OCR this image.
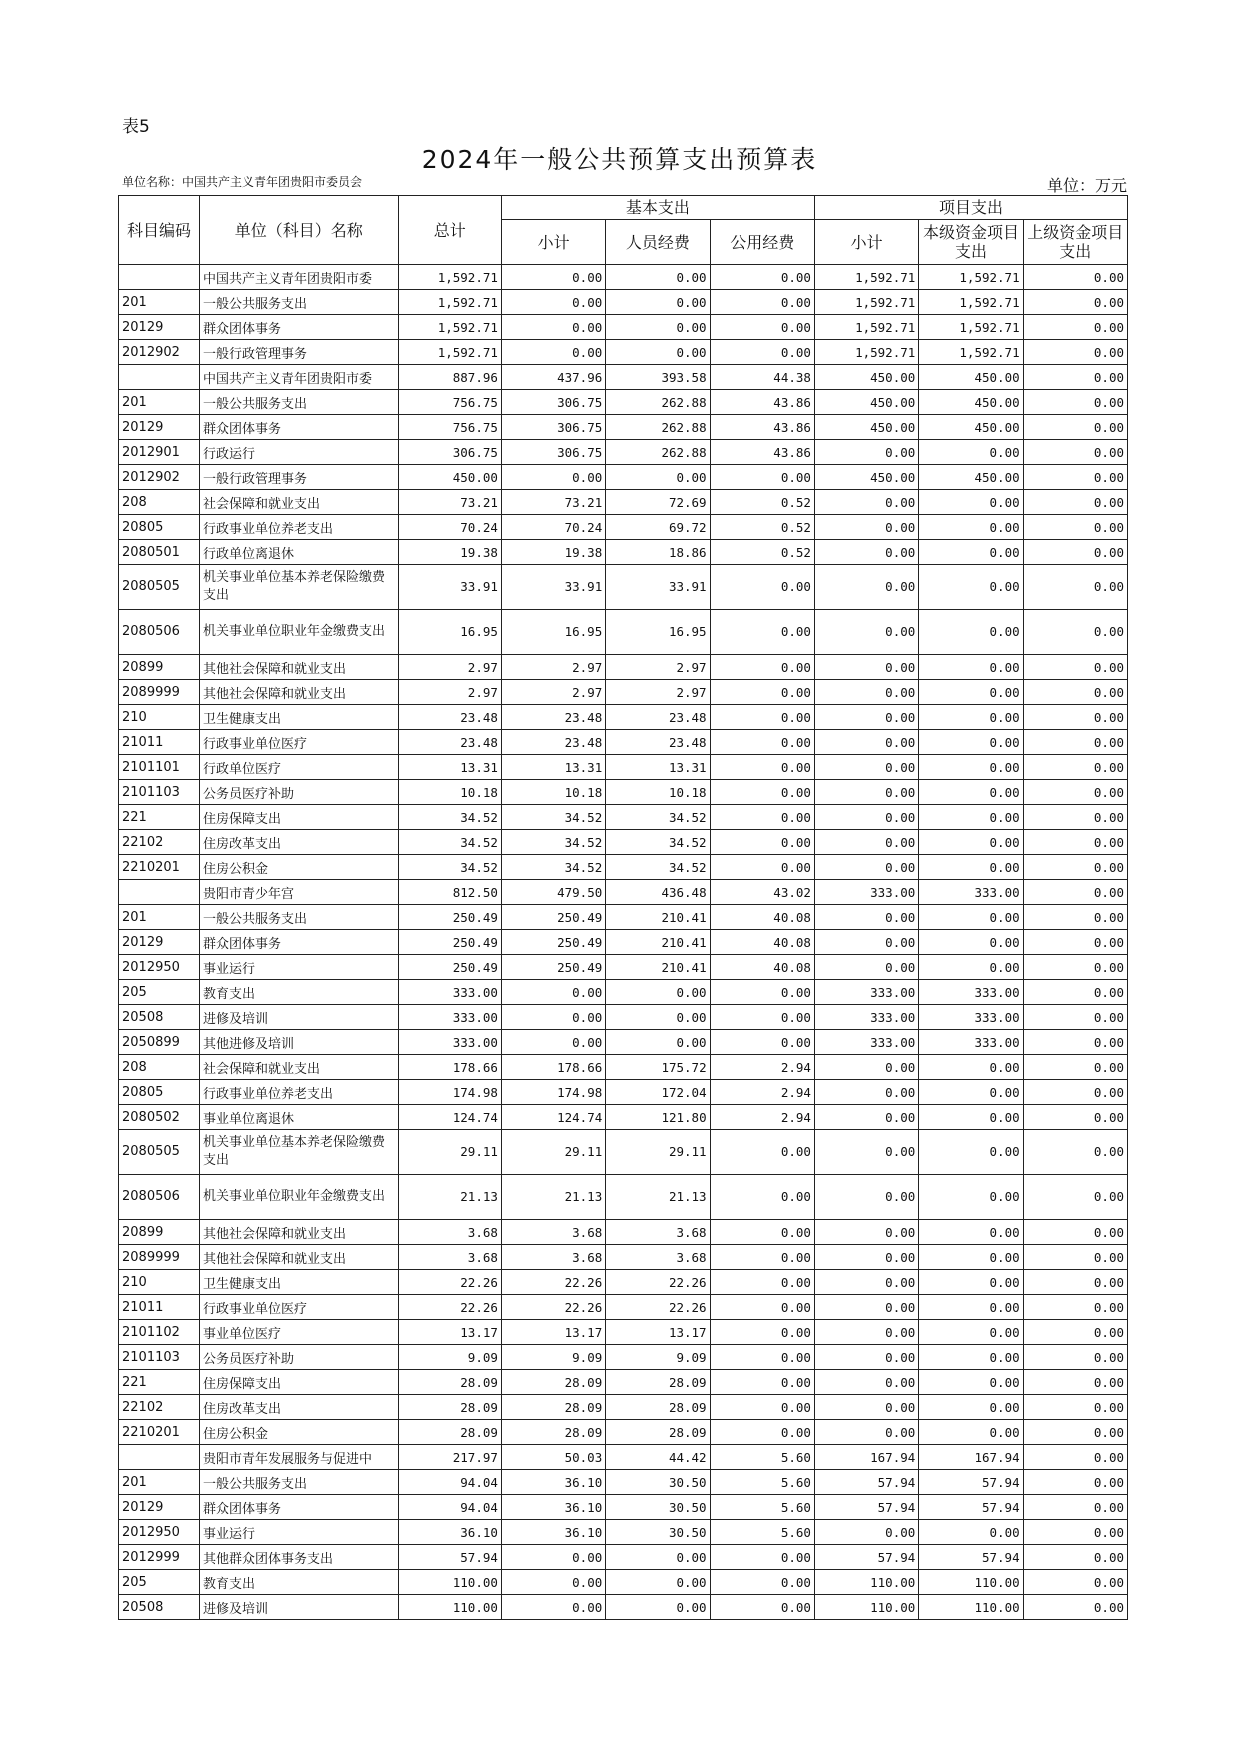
表5
2024年一般公共预算支出预算表
单位名称：中国共产主义青年团贵阳市委员会	单位：万元
科目编码	单位（科目）名称	总计	基本支出			项目支出		
			小计	人员经费	公用经费	小计	本级资金项目支出	上级资金项目支出
	中国共产主义青年团贵阳市委	1,592.71	0.00	0.00	0.00	1,592.71	1,592.71	0.00
201	一般公共服务支出	1,592.71	0.00	0.00	0.00	1,592.71	1,592.71	0.00
20129	群众团体事务	1,592.71	0.00	0.00	0.00	1,592.71	1,592.71	0.00
2012902	一般行政管理事务	1,592.71	0.00	0.00	0.00	1,592.71	1,592.71	0.00
	中国共产主义青年团贵阳市委	887.96	437.96	393.58	44.38	450.00	450.00	0.00
201	一般公共服务支出	756.75	306.75	262.88	43.86	450.00	450.00	0.00
20129	群众团体事务	756.75	306.75	262.88	43.86	450.00	450.00	0.00
2012901	行政运行	306.75	306.75	262.88	43.86	0.00	0.00	0.00
2012902	一般行政管理事务	450.00	0.00	0.00	0.00	450.00	450.00	0.00
208	社会保障和就业支出	73.21	73.21	72.69	0.52	0.00	0.00	0.00
20805	行政事业单位养老支出	70.24	70.24	69.72	0.52	0.00	0.00	0.00
2080501	行政单位离退休	19.38	19.38	18.86	0.52	0.00	0.00	0.00
2080505	机关事业单位基本养老保险缴费支出	33.91	33.91	33.91	0.00	0.00	0.00	0.00
2080506	机关事业单位职业年金缴费支出	16.95	16.95	16.95	0.00	0.00	0.00	0.00
20899	其他社会保障和就业支出	2.97	2.97	2.97	0.00	0.00	0.00	0.00
2089999	其他社会保障和就业支出	2.97	2.97	2.97	0.00	0.00	0.00	0.00
210	卫生健康支出	23.48	23.48	23.48	0.00	0.00	0.00	0.00
21011	行政事业单位医疗	23.48	23.48	23.48	0.00	0.00	0.00	0.00
2101101	行政单位医疗	13.31	13.31	13.31	0.00	0.00	0.00	0.00
2101103	公务员医疗补助	10.18	10.18	10.18	0.00	0.00	0.00	0.00
221	住房保障支出	34.52	34.52	34.52	0.00	0.00	0.00	0.00
22102	住房改革支出	34.52	34.52	34.52	0.00	0.00	0.00	0.00
2210201	住房公积金	34.52	34.52	34.52	0.00	0.00	0.00	0.00
	贵阳市青少年宫	812.50	479.50	436.48	43.02	333.00	333.00	0.00
201	一般公共服务支出	250.49	250.49	210.41	40.08	0.00	0.00	0.00
20129	群众团体事务	250.49	250.49	210.41	40.08	0.00	0.00	0.00
2012950	事业运行	250.49	250.49	210.41	40.08	0.00	0.00	0.00
205	教育支出	333.00	0.00	0.00	0.00	333.00	333.00	0.00
20508	进修及培训	333.00	0.00	0.00	0.00	333.00	333.00	0.00
2050899	其他进修及培训	333.00	0.00	0.00	0.00	333.00	333.00	0.00
208	社会保障和就业支出	178.66	178.66	175.72	2.94	0.00	0.00	0.00
20805	行政事业单位养老支出	174.98	174.98	172.04	2.94	0.00	0.00	0.00
2080502	事业单位离退休	124.74	124.74	121.80	2.94	0.00	0.00	0.00
2080505	机关事业单位基本养老保险缴费支出	29.11	29.11	29.11	0.00	0.00	0.00	0.00
2080506	机关事业单位职业年金缴费支出	21.13	21.13	21.13	0.00	0.00	0.00	0.00
20899	其他社会保障和就业支出	3.68	3.68	3.68	0.00	0.00	0.00	0.00
2089999	其他社会保障和就业支出	3.68	3.68	3.68	0.00	0.00	0.00	0.00
210	卫生健康支出	22.26	22.26	22.26	0.00	0.00	0.00	0.00
21011	行政事业单位医疗	22.26	22.26	22.26	0.00	0.00	0.00	0.00
2101102	事业单位医疗	13.17	13.17	13.17	0.00	0.00	0.00	0.00
2101103	公务员医疗补助	9.09	9.09	9.09	0.00	0.00	0.00	0.00
221	住房保障支出	28.09	28.09	28.09	0.00	0.00	0.00	0.00
22102	住房改革支出	28.09	28.09	28.09	0.00	0.00	0.00	0.00
2210201	住房公积金	28.09	28.09	28.09	0.00	0.00	0.00	0.00
	贵阳市青年发展服务与促进中	217.97	50.03	44.42	5.60	167.94	167.94	0.00
201	一般公共服务支出	94.04	36.10	30.50	5.60	57.94	57.94	0.00
20129	群众团体事务	94.04	36.10	30.50	5.60	57.94	57.94	0.00
2012950	事业运行	36.10	36.10	30.50	5.60	0.00	0.00	0.00
2012999	其他群众团体事务支出	57.94	0.00	0.00	0.00	57.94	57.94	0.00
205	教育支出	110.00	0.00	0.00	0.00	110.00	110.00	0.00
20508	进修及培训	110.00	0.00	0.00	0.00	110.00	110.00	0.00
